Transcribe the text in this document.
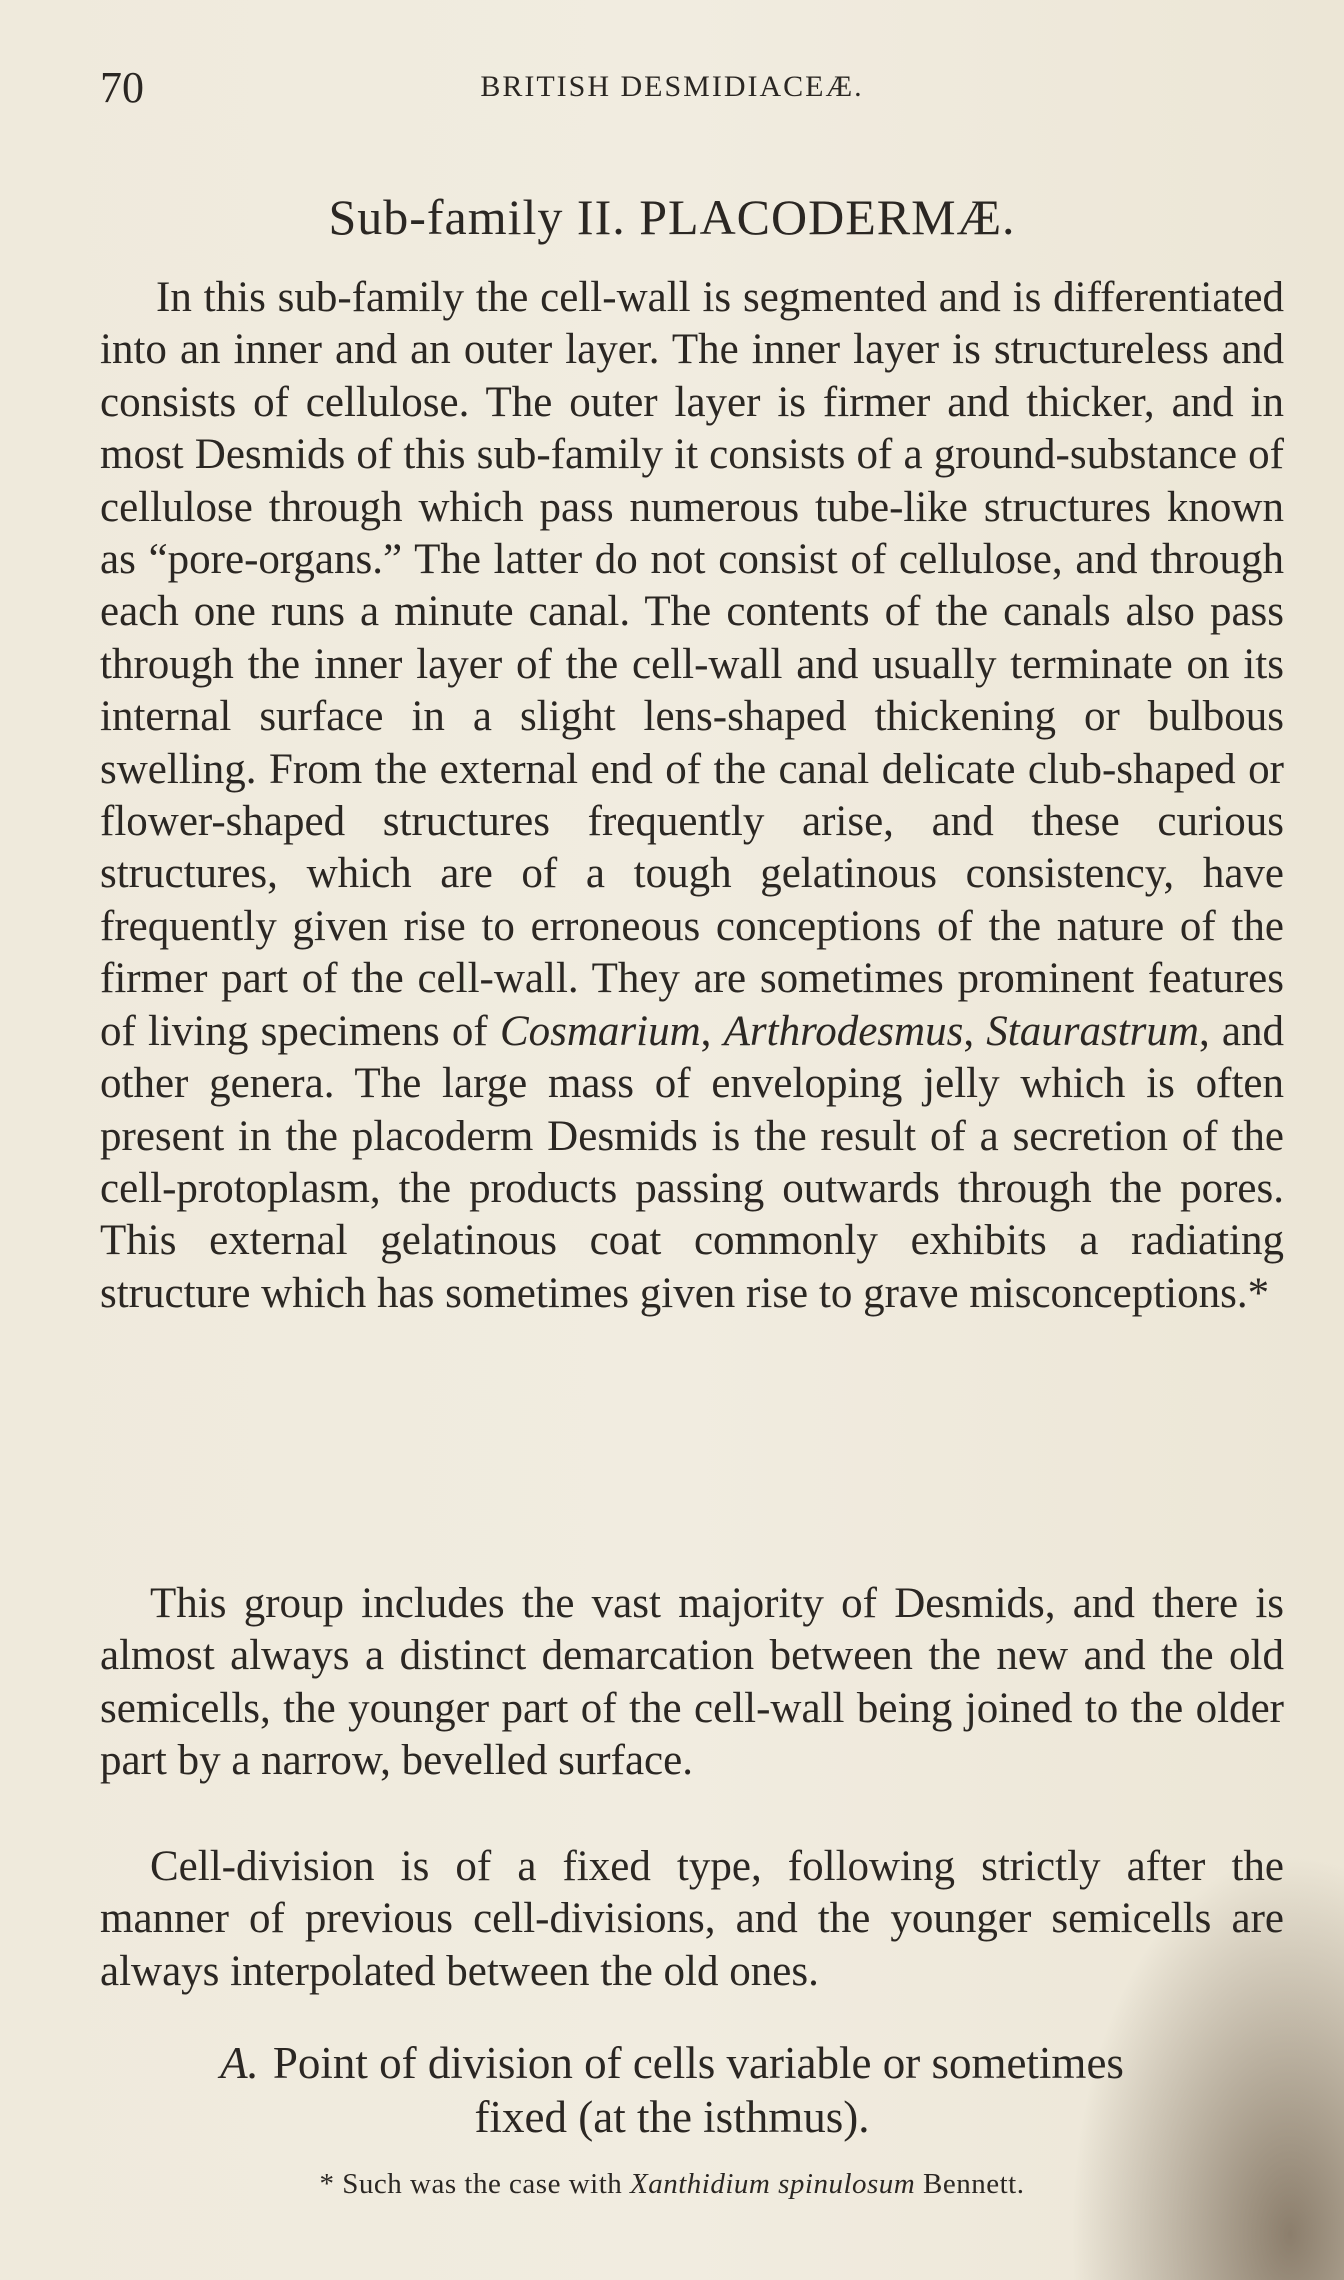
70	BRITISH DESMIDIACEÆ.
Sub-family II. PLACODERMÆ.

In this sub-family the cell-wall is segmented and is differentiated into an inner and an outer layer. The inner layer is structureless and consists of cellulose. The outer layer is firmer and thicker, and in most Desmids of this sub-family it consists of a ground-substance of cellulose through which pass numerous tube-like structures known as “pore-organs.” The latter do not consist of cellulose, and through each one runs a minute canal. The contents of the canals also pass through the inner layer of the cell-wall and usually terminate on its internal surface in a slight lens-shaped thickening or bulbous swelling. From the external end of the canal delicate club-shaped or flower-shaped structures frequently arise, and these curious structures, which are of a tough gelatinous consistency, have frequently given rise to erroneous conceptions of the nature of the firmer part of the cell-wall. They are sometimes prominent features of living specimens of Cosmarium, Arthrodesmus, Staurastrum, and other genera. The large mass of enveloping jelly which is often present in the placoderm Desmids is the result of a secretion of the cell-protoplasm, the products passing outwards through the pores. This external gelatinous coat commonly exhibits a radiating structure which has sometimes given rise to grave misconceptions.*

This group includes the vast majority of Desmids, and there is almost always a distinct demarcation between the new and the old semicells, the younger part of the cell-wall being joined to the older part by a narrow, bevelled surface.

Cell-division is of a fixed type, following strictly after the manner of previous cell-divisions, and the younger semicells are always interpolated between the old ones.

A. Point of division of cells variable or sometimes
fixed (at the isthmus).
* Such was the case with Xanthidium spinulosum Bennett.
